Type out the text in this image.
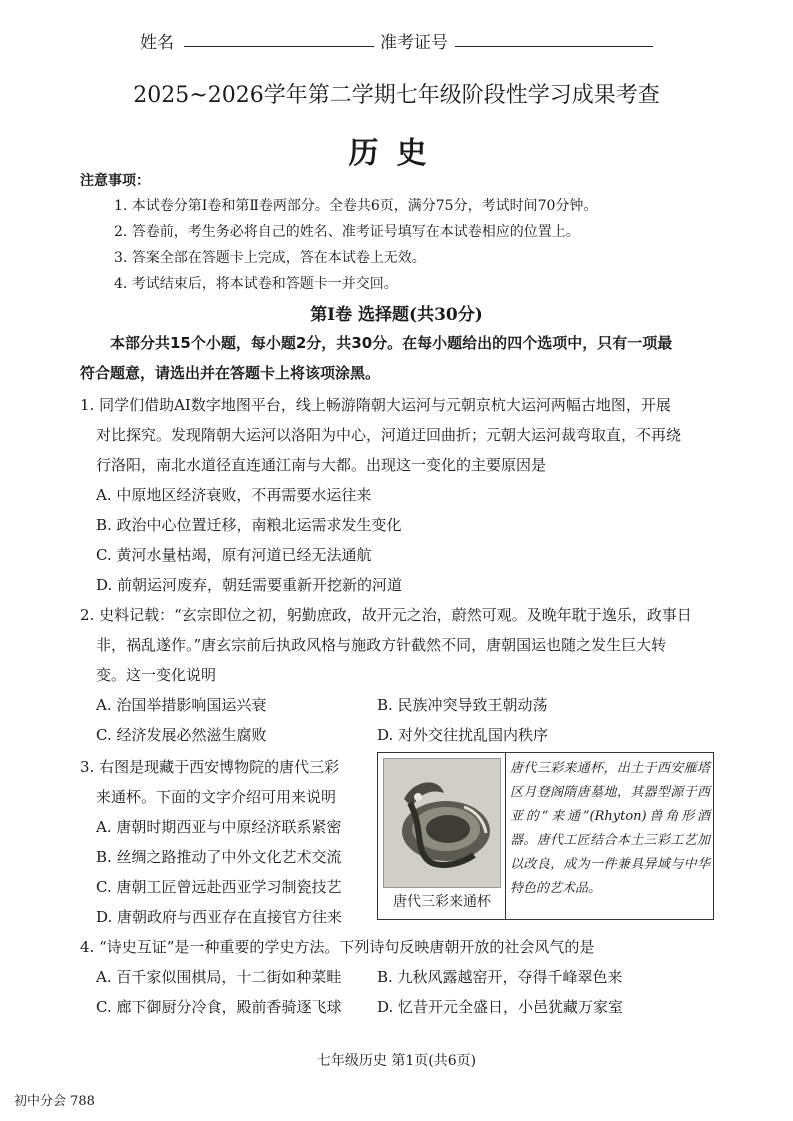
姓名	准考证号
2025~2026学年第二学期七年级阶段性学习成果考查
历史
注意事项：
1. 本试卷分第Ⅰ卷和第Ⅱ卷两部分。全卷共6页，满分75分，考试时间70分钟。
2. 答卷前，考生务必将自己的姓名、准考证号填写在本试卷相应的位置上。
3. 答案全部在答题卡上完成，答在本试卷上无效。
4. 考试结束后，将本试卷和答题卡一并交回。
第Ⅰ卷 选择题(共30分)
本部分共15个小题，每小题2分，共30分。在每小题给出的四个选项中，只有一项最
符合题意，请选出并在答题卡上将该项涂黑。
1. 同学们借助AI数字地图平台，线上畅游隋朝大运河与元朝京杭大运河两幅古地图，开展
对比探究。发现隋朝大运河以洛阳为中心，河道迂回曲折；元朝大运河裁弯取直，不再绕
行洛阳，南北水道径直连通江南与大都。出现这一变化的主要原因是
A. 中原地区经济衰败，不再需要水运往来
B. 政治中心位置迁移，南粮北运需求发生变化
C. 黄河水量枯竭，原有河道已经无法通航
D. 前朝运河废弃，朝廷需要重新开挖新的河道
2. 史料记载：“玄宗即位之初，躬勤庶政，故开元之治，蔚然可观。及晚年耽于逸乐，政事日
非，祸乱遂作。”唐玄宗前后执政风格与施政方针截然不同，唐朝国运也随之发生巨大转
变。这一变化说明
A. 治国举措影响国运兴衰	B. 民族冲突导致王朝动荡
C. 经济发展必然滋生腐败	D. 对外交往扰乱国内秩序
3. 右图是现藏于西安博物院的唐代三彩
来通杯。下面的文字介绍可用来说明
A. 唐朝时期西亚与中原经济联系紧密
B. 丝绸之路推动了中外文化艺术交流
C. 唐朝工匠曾远赴西亚学习制瓷技艺
D. 唐朝政府与西亚存在直接官方往来
唐代三彩来通杯
唐代三彩来通杯，出土于西安雁塔区月登阁隋唐墓地，其器型源于西亚的“来通”(Rhyton)兽角形酒器。唐代工匠结合本土三彩工艺加以改良，成为一件兼具异域与中华特色的艺术品。
4. “诗史互证”是一种重要的学史方法。下列诗句反映唐朝开放的社会风气的是
A. 百千家似围棋局，十二街如种菜畦 B. 九秋风露越窑开，夺得千峰翠色来
C. 廊下御厨分冷食，殿前香骑逐飞球 D. 忆昔开元全盛日，小邑犹藏万家室
七年级历史 第1页(共6页)
初中分会 788
